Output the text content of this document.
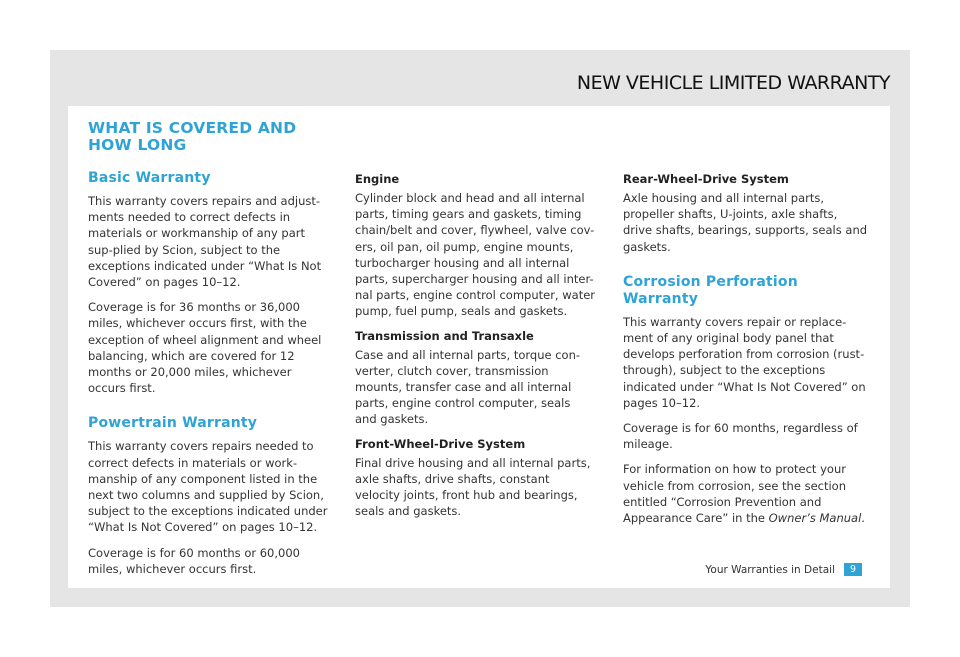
NEW VEHICLE LIMITED WARRANTY
WHAT IS COVERED AND
HOW LONG
Basic Warranty

This warranty covers repairs and adjust-ments needed to correct defects in materials or workmanship of any part sup-plied by Scion, subject to the exceptions indicated under “What Is Not Covered” on pages 10–12.

Coverage is for 36 months or 36,000 miles, whichever occurs first, with the exception of wheel alignment and wheel balancing, which are covered for 12 months or 20,000 miles, whichever occurs first.

Powertrain Warranty

This warranty covers repairs needed to correct defects in materials or work-manship of any component listed in the next two columns and supplied by Scion, subject to the exceptions indicated under “What Is Not Covered” on pages 10–12.

Coverage is for 60 months or 60,000 miles, whichever occurs first.

Engine

Cylinder block and head and all internal parts, timing gears and gaskets, timing chain/belt and cover, flywheel, valve cov-ers, oil pan, oil pump, engine mounts, turbocharger housing and all internal parts, supercharger housing and all inter-nal parts, engine control computer, water pump, fuel pump, seals and gaskets.

Transmission and Transaxle

Case and all internal parts, torque con-verter, clutch cover, transmission mounts, transfer case and all internal parts, engine control computer, seals and gaskets.

Front-Wheel-Drive System

Final drive housing and all internal parts, axle shafts, drive shafts, constant velocity joints, front hub and bearings, seals and gaskets.

Rear-Wheel-Drive System

Axle housing and all internal parts, propeller shafts, U-joints, axle shafts, drive shafts, bearings, supports, seals and gaskets.

Corrosion Perforation Warranty

This warranty covers repair or replace-ment of any original body panel that develops perforation from corrosion (rust-through), subject to the exceptions indicated under “What Is Not Covered” on pages 10–12.

Coverage is for 60 months, regardless of mileage.

For information on how to protect your vehicle from corrosion, see the section entitled “Corrosion Prevention and Appearance Care” in the Owner’s Manual.

Your Warranties in Detail	9
